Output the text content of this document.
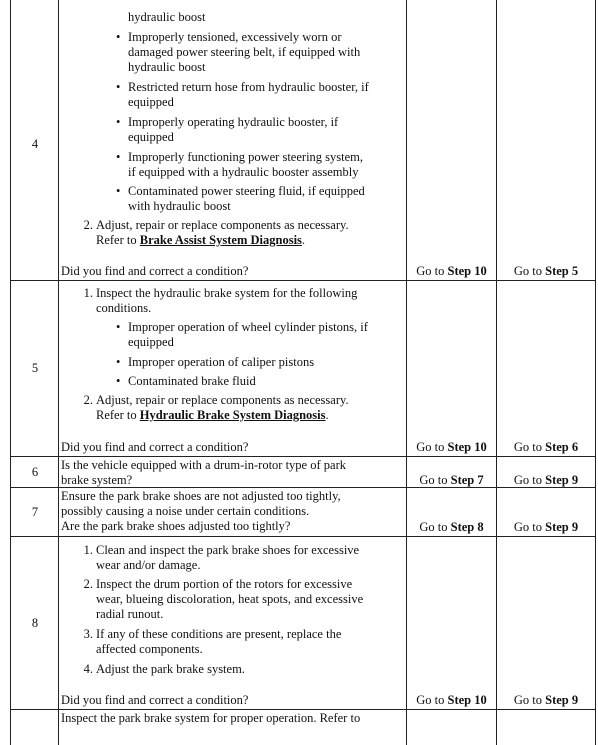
4
hydraulic boost
• Improperly tensioned, excessively worn or
damaged power steering belt, if equipped with
hydraulic boost
• Restricted return hose from hydraulic booster, if
equipped
• Improperly operating hydraulic booster, if
equipped
• Improperly functioning power steering system,
if equipped with a hydraulic booster assembly
• Contaminated power steering fluid, if equipped
with hydraulic boost
2. Adjust, repair or replace components as necessary.
Refer to Brake Assist System Diagnosis.
Did you find and correct a condition?	Go to Step 10	Go to Step 5
5
1. Inspect the hydraulic brake system for the following
conditions.
• Improper operation of wheel cylinder pistons, if
equipped
• Improper operation of caliper pistons
• Contaminated brake fluid
2. Adjust, repair or replace components as necessary.
Refer to Hydraulic Brake System Diagnosis.
Did you find and correct a condition?	Go to Step 10	Go to Step 6
6	Is the vehicle equipped with a drum-in-rotor type of park
brake system?	Go to Step 7	Go to Step 9
7
Ensure the park brake shoes are not adjusted too tightly,
possibly causing a noise under certain conditions.
Are the park brake shoes adjusted too tightly?	Go to Step 8	Go to Step 9
8
1. Clean and inspect the park brake shoes for excessive
wear and/or damage.
2. Inspect the drum portion of the rotors for excessive
wear, blueing discoloration, heat spots, and excessive
radial runout.
3. If any of these conditions are present, replace the
affected components.
4. Adjust the park brake system.
Did you find and correct a condition?	Go to Step 10	Go to Step 9
Inspect the park brake system for proper operation. Refer to
